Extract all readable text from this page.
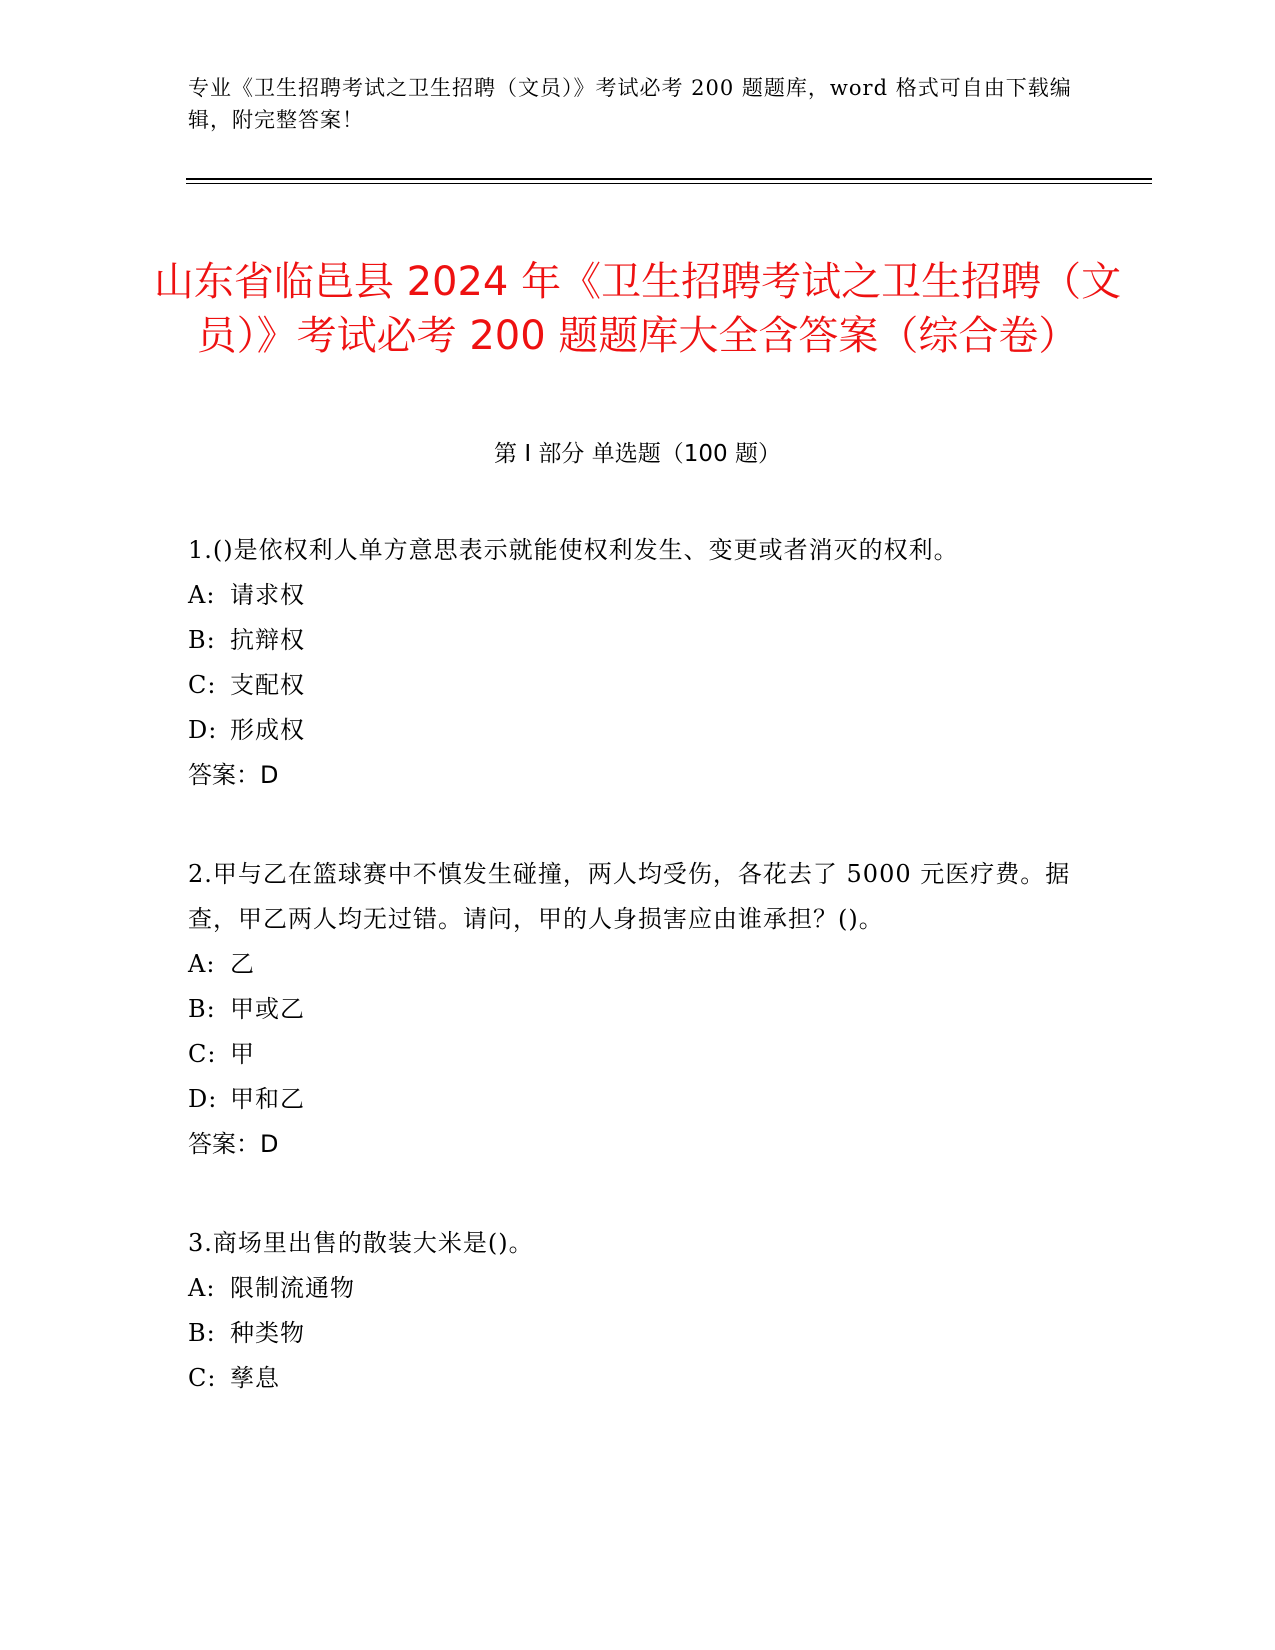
专业《卫生招聘考试之卫生招聘（文员）》考试必考 200 题题库，word 格式可自由下载编辑，附完整答案！
山东省临邑县 2024 年《卫生招聘考试之卫生招聘（文员）》考试必考 200 题题库大全含答案（综合卷）
第 I 部分 单选题（100 题）
1.()是依权利人单方意思表示就能使权利发生、变更或者消灭的权利。
A: 请求权
B: 抗辩权
C: 支配权
D: 形成权
答案：D
2.甲与乙在篮球赛中不慎发生碰撞，两人均受伤，各花去了 5000 元医疗费。据查，甲乙两人均无过错。请问，甲的人身损害应由谁承担？()。
A: 乙
B: 甲或乙
C: 甲
D: 甲和乙
答案：D
3.商场里出售的散装大米是()。
A: 限制流通物
B: 种类物
C: 孳息
